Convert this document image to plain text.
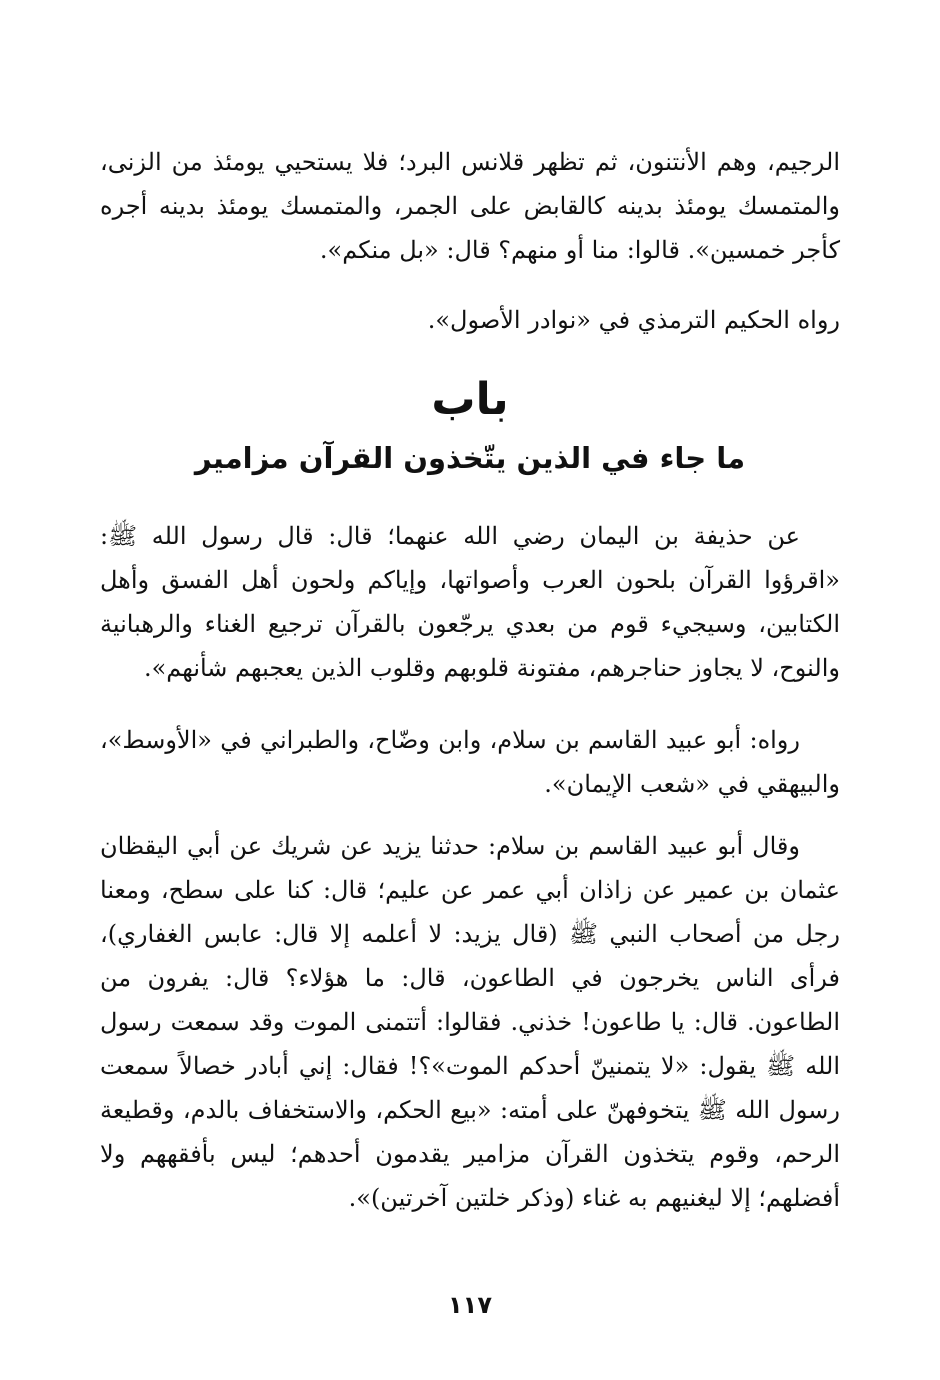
الرجيم، وهم الأنتنون، ثم تظهر قلانس البرد؛ فلا يستحيي يومئذ من الزنى، والمتمسك يومئذ بدينه كالقابض على الجمر، والمتمسك يومئذ بدينه أجره كأجر خمسين». قالوا: منا أو منهم؟ قال: «بل منكم».

رواه الحكيم الترمذي في «نوادر الأصول».

باب
ما جاء في الذين يتّخذون القرآن مزامير

عن حذيفة بن اليمان رضي الله عنهما؛ قال: قال رسول الله ﷺ: «اقرؤوا القرآن بلحون العرب وأصواتها، وإياكم ولحون أهل الفسق وأهل الكتابين، وسيجيء قوم من بعدي يرجّعون بالقرآن ترجيع الغناء والرهبانية والنوح، لا يجاوز حناجرهم، مفتونة قلوبهم وقلوب الذين يعجبهم شأنهم».

رواه: أبو عبيد القاسم بن سلام، وابن وضّاح، والطبراني في «الأوسط»، والبيهقي في «شعب الإيمان».

وقال أبو عبيد القاسم بن سلام: حدثنا يزيد عن شريك عن أبي اليقظان عثمان بن عمير عن زاذان أبي عمر عن عليم؛ قال: كنا على سطح، ومعنا رجل من أصحاب النبي ﷺ (قال يزيد: لا أعلمه إلا قال: عابس الغفاري)، فرأى الناس يخرجون في الطاعون، قال: ما هؤلاء؟ قال: يفرون من الطاعون. قال: يا طاعون! خذني. فقالوا: أتتمنى الموت وقد سمعت رسول الله ﷺ يقول: «لا يتمنينّ أحدكم الموت»؟! فقال: إني أبادر خصالاً سمعت رسول الله ﷺ يتخوفهنّ على أمته: «بيع الحكم، والاستخفاف بالدم، وقطيعة الرحم، وقوم يتخذون القرآن مزامير يقدمون أحدهم؛ ليس بأفقههم ولا أفضلهم؛ إلا ليغنيهم به غناء (وذكر خلتين آخرتين)».

١١٧
